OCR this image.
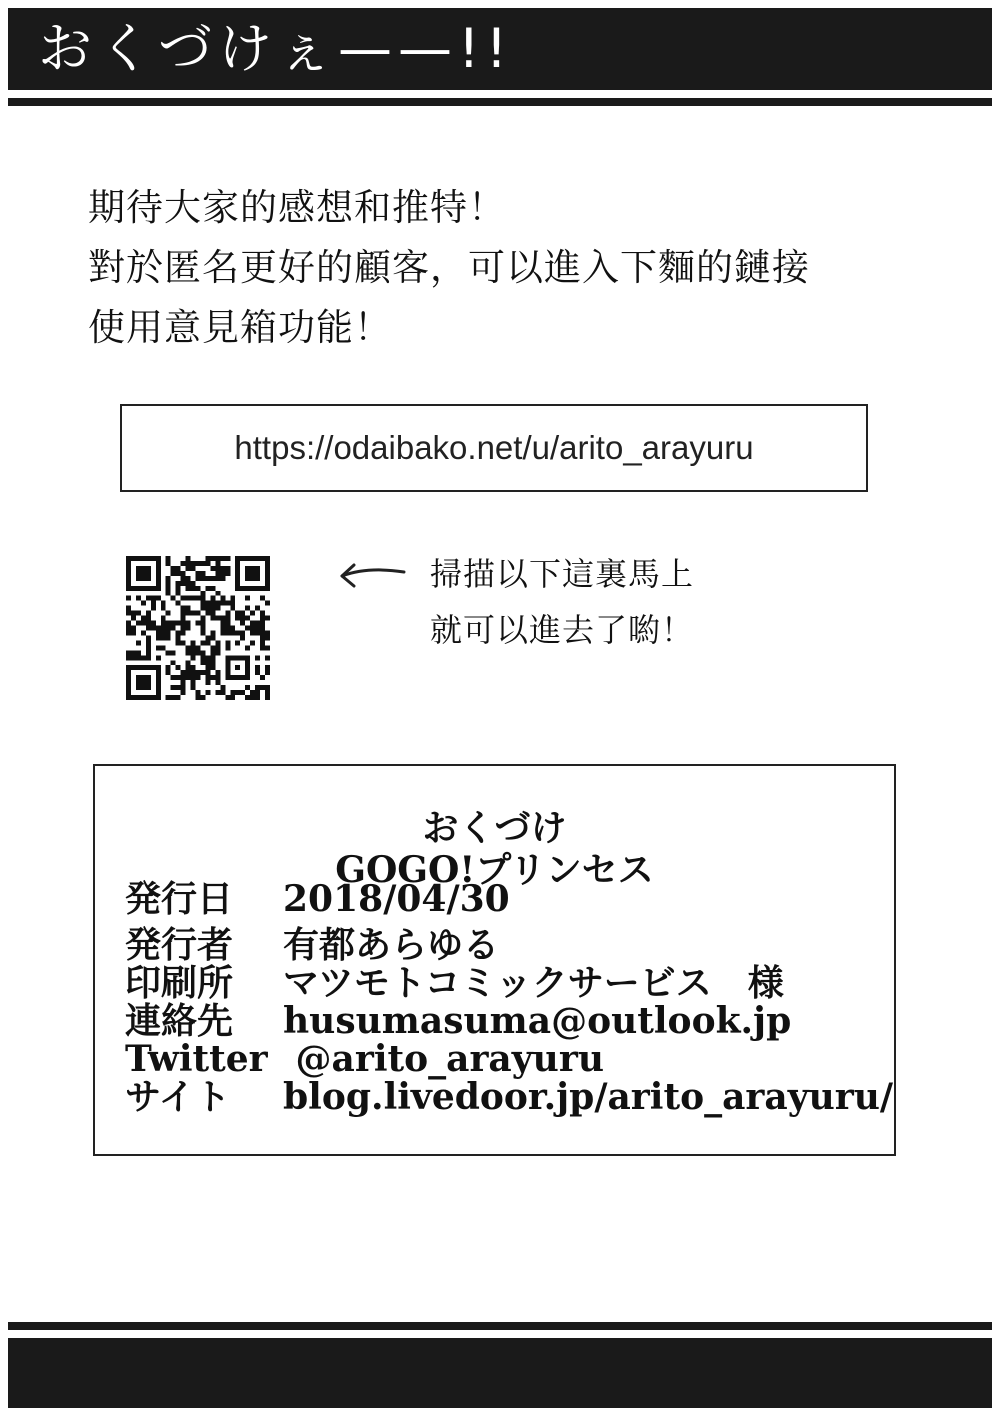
おくづけぇ——!!
期待大家的感想和推特！
對於匿名更好的顧客，可以進入下麵的鏈接
使用意見箱功能！
https://odaibako.net/u/arito_arayuru
掃描以下這裏馬上
就可以進去了喲！
おくづけ
GOGO!プリンセス
発行日 2018/04/30
発行者 有都あらゆる
印刷所 マツモトコミックサービス　様
連絡先 husumasuma@outlook.jp
Twitter @arito_arayuru
サイト blog.livedoor.jp/arito_arayuru/
